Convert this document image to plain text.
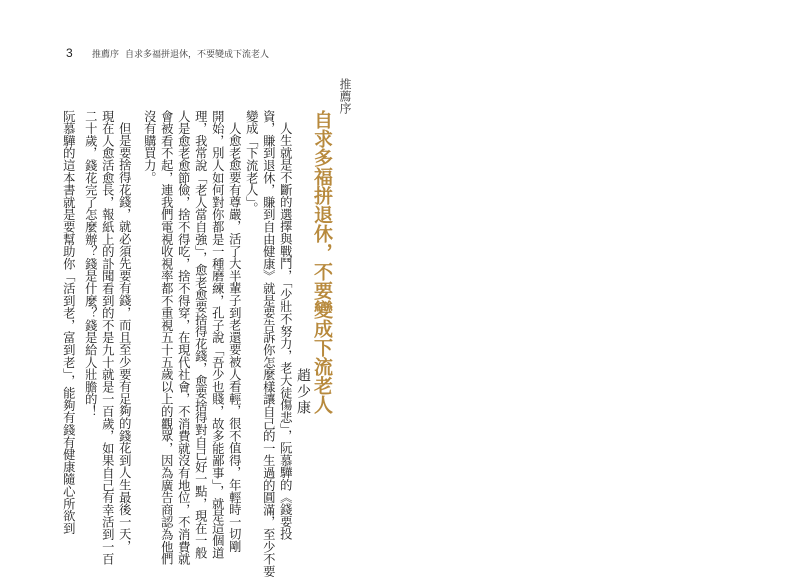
3 推薦序 自求多福拼退休，不要變成下流老人
推薦序
自求多福拼退休，不要變成下流老人
趙少康
人生就是不斷的選擇與戰鬥，「少壯不努力，老大徒傷悲」，阮慕驊的《錢要投
資，賺到退休，賺到自由健康》就是要告訴你怎麼樣讓自己的一生過的圓滿，至少不要
變成「下流老人」。
人愈老愈要有尊嚴，活了大半輩子到老還要被人看輕，很不值得，年輕時一切剛
開始，別人如何對你都是一種磨練，孔子說「吾少也賤，故多能鄙事」，就是這個道
理，我常說「老人當自強」，愈老愈要捨得花錢，愈要捨得對自己好一點，現在一般
人是愈老愈節儉，捨不得吃，捨不得穿，在現代社會，不消費就沒有地位，不消費就
會被看不起，連我們電視收視率都不重視五十五歲以上的觀眾，因為廣告商認為他們
沒有購買力。
但是要捨得花錢，就必須先要有錢，而且至少要有足夠的錢花到人生最後一天，
現在人愈活愈長，報紙上的訃聞看到的不是九十就是一百歲，如果自己有幸活到一百
二十歲，錢花完了怎麼辦？錢是什麼？錢是給人壯膽的！
阮慕驊的這本書就是要幫助你「活到老，富到老」，能夠有錢有健康隨心所欲到
